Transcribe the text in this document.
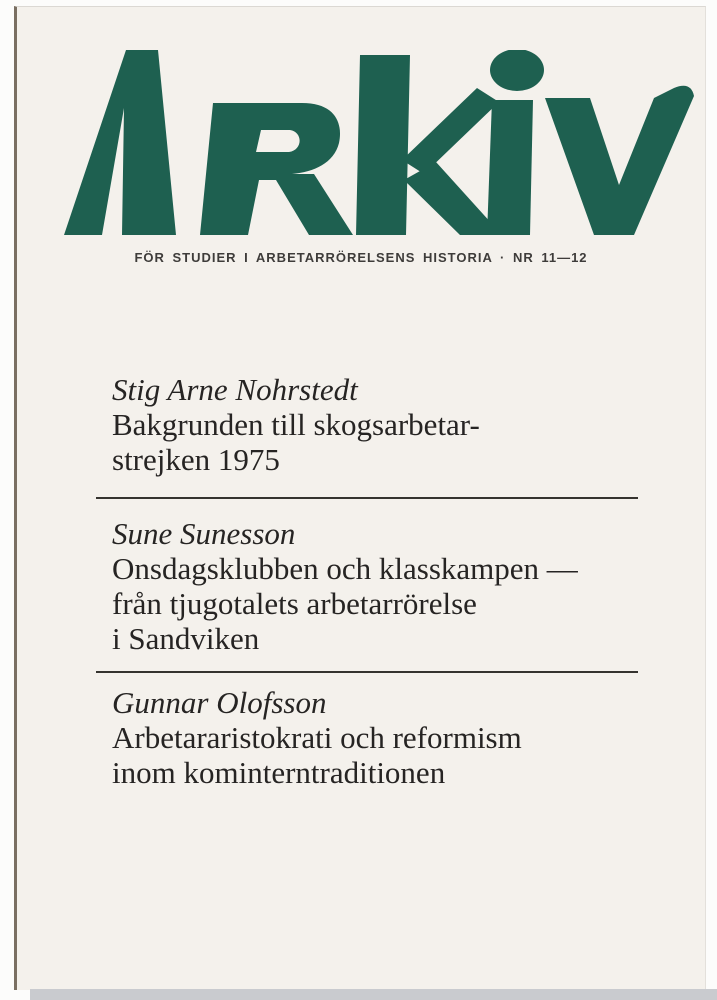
FÖR STUDIER I ARBETARRÖRELSENS HISTORIA · NR 11—12
Stig Arne Nohrstedt
Bakgrunden till skogsarbetar-
strejken 1975
Sune Sunesson
Onsdagsklubben och klasskampen —
från tjugotalets arbetarrörelse
i Sandviken
Gunnar Olofsson
Arbetararistokrati och reformism
inom kominterntraditionen
